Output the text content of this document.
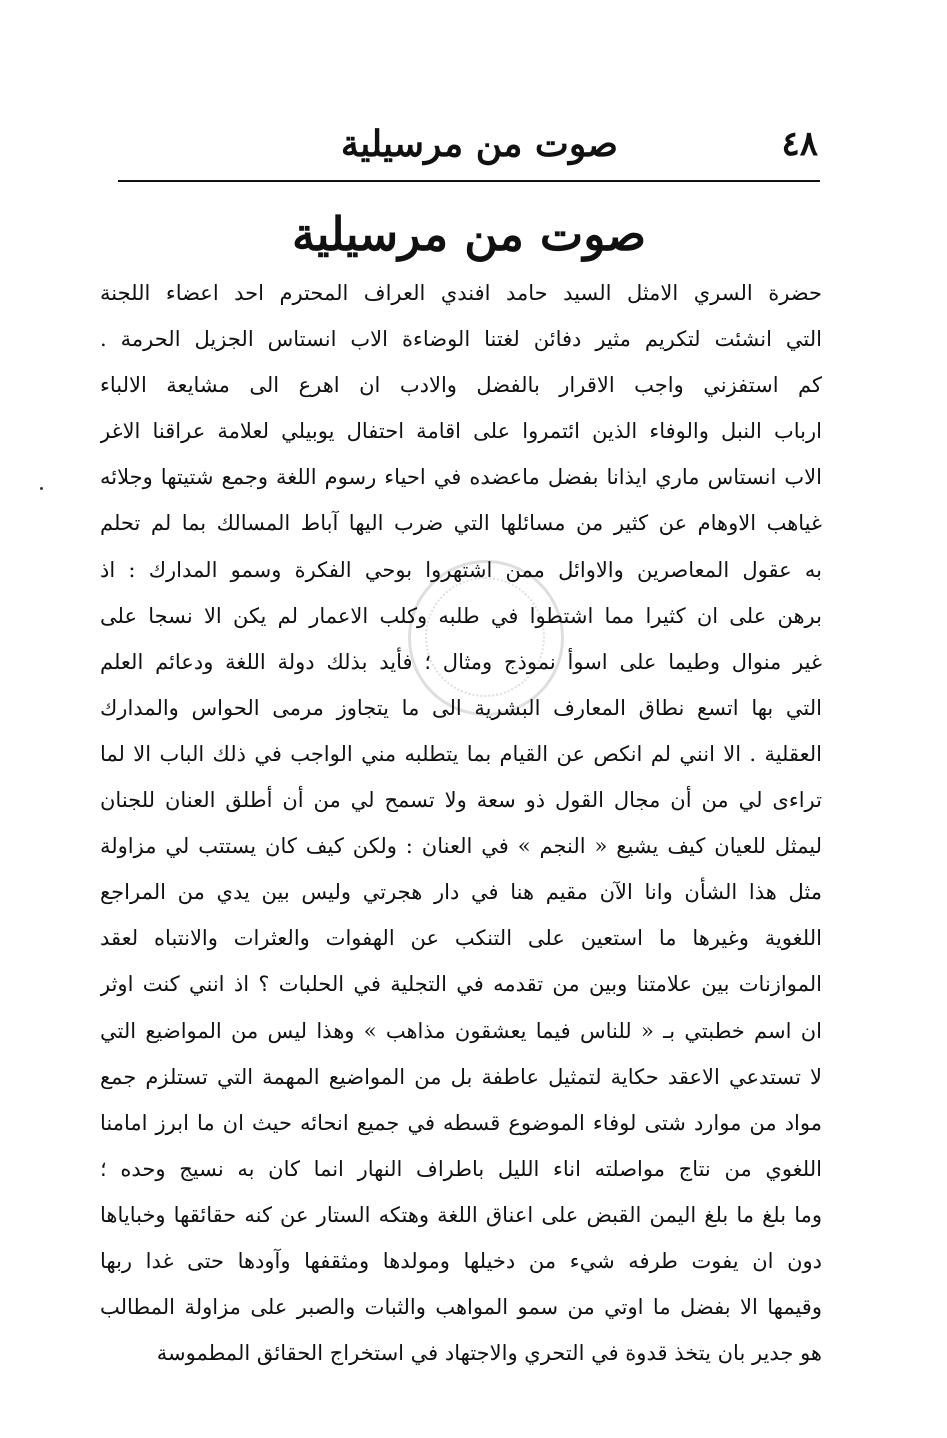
٤٨
صوت من مرسيلية
صوت من مرسيلية
حضرة السري الامثل السيد حامد افندي العراف المحترم احد اعضاء اللجنة
التي انشئت لتكريم مثير دفائن لغتنا الوضاءة الاب انستاس الجزيل الحرمة .
كم استفزني واجب الاقرار بالفضل والادب ان اهرع الى مشايعة الالباء
ارباب النبل والوفاء الذين ائتمروا على اقامة احتفال يوبيلي لعلامة عراقنا الاغر
الاب انستاس ماري ايذانا بفضل ماعضده في احياء رسوم اللغة وجمع شتيتها وجلائه
غياهب الاوهام عن كثير من مسائلها التي ضرب اليها آباط المسالك بما لم تحلم
به عقول المعاصرين والاوائل ممن اشتهروا بوحي الفكرة وسمو المدارك : اذ
برهن على ان كثيرا مما اشتطوا في طلبه وكلب الاعمار لم يكن الا نسجا على
غير منوال وطيما على اسوأ نموذج ومثال ؛ فأيد بذلك دولة اللغة ودعائم العلم
التي بها اتسع نطاق المعارف البشرية الى ما يتجاوز مرمى الحواس والمدارك
العقلية . الا انني لم انكص عن القيام بما يتطلبه مني الواجب في ذلك الباب الا لما
تراءى لي من أن مجال القول ذو سعة ولا تسمح لي من أن أطلق العنان للجنان
ليمثل للعيان كيف يشيع « النجم » في العنان : ولكن كيف كان يستتب لي مزاولة
مثل هذا الشأن وانا الآن مقيم هنا في دار هجرتي وليس بين يدي من المراجع
اللغوية وغيرها ما استعين على التنكب عن الهفوات والعثرات والانتباه لعقد
الموازنات بين علامتنا وبين من تقدمه في التجلية في الحلبات ؟ اذ انني كنت اوثر
ان اسم خطبتي بـ « للناس فيما يعشقون مذاهب » وهذا ليس من المواضيع التي
لا تستدعي الاعقد حكاية لتمثيل عاطفة بل من المواضيع المهمة التي تستلزم جمع
مواد من موارد شتى لوفاء الموضوع قسطه في جميع انحائه حيث ان ما ابرز امامنا
اللغوي من نتاج مواصلته اناء الليل باطراف النهار انما كان به نسيج وحده ؛
وما بلغ ما بلغ اليمن القبض على اعناق اللغة وهتكه الستار عن كنه حقائقها وخباياها
دون ان يفوت طرفه شيء من دخيلها ومولدها ومثقفها وآودها حتى غدا ربها
وقيمها الا بفضل ما اوتي من سمو المواهب والثبات والصبر على مزاولة المطالب
هو جدير بان يتخذ قدوة في التحري والاجتهاد في استخراج الحقائق المطموسة
